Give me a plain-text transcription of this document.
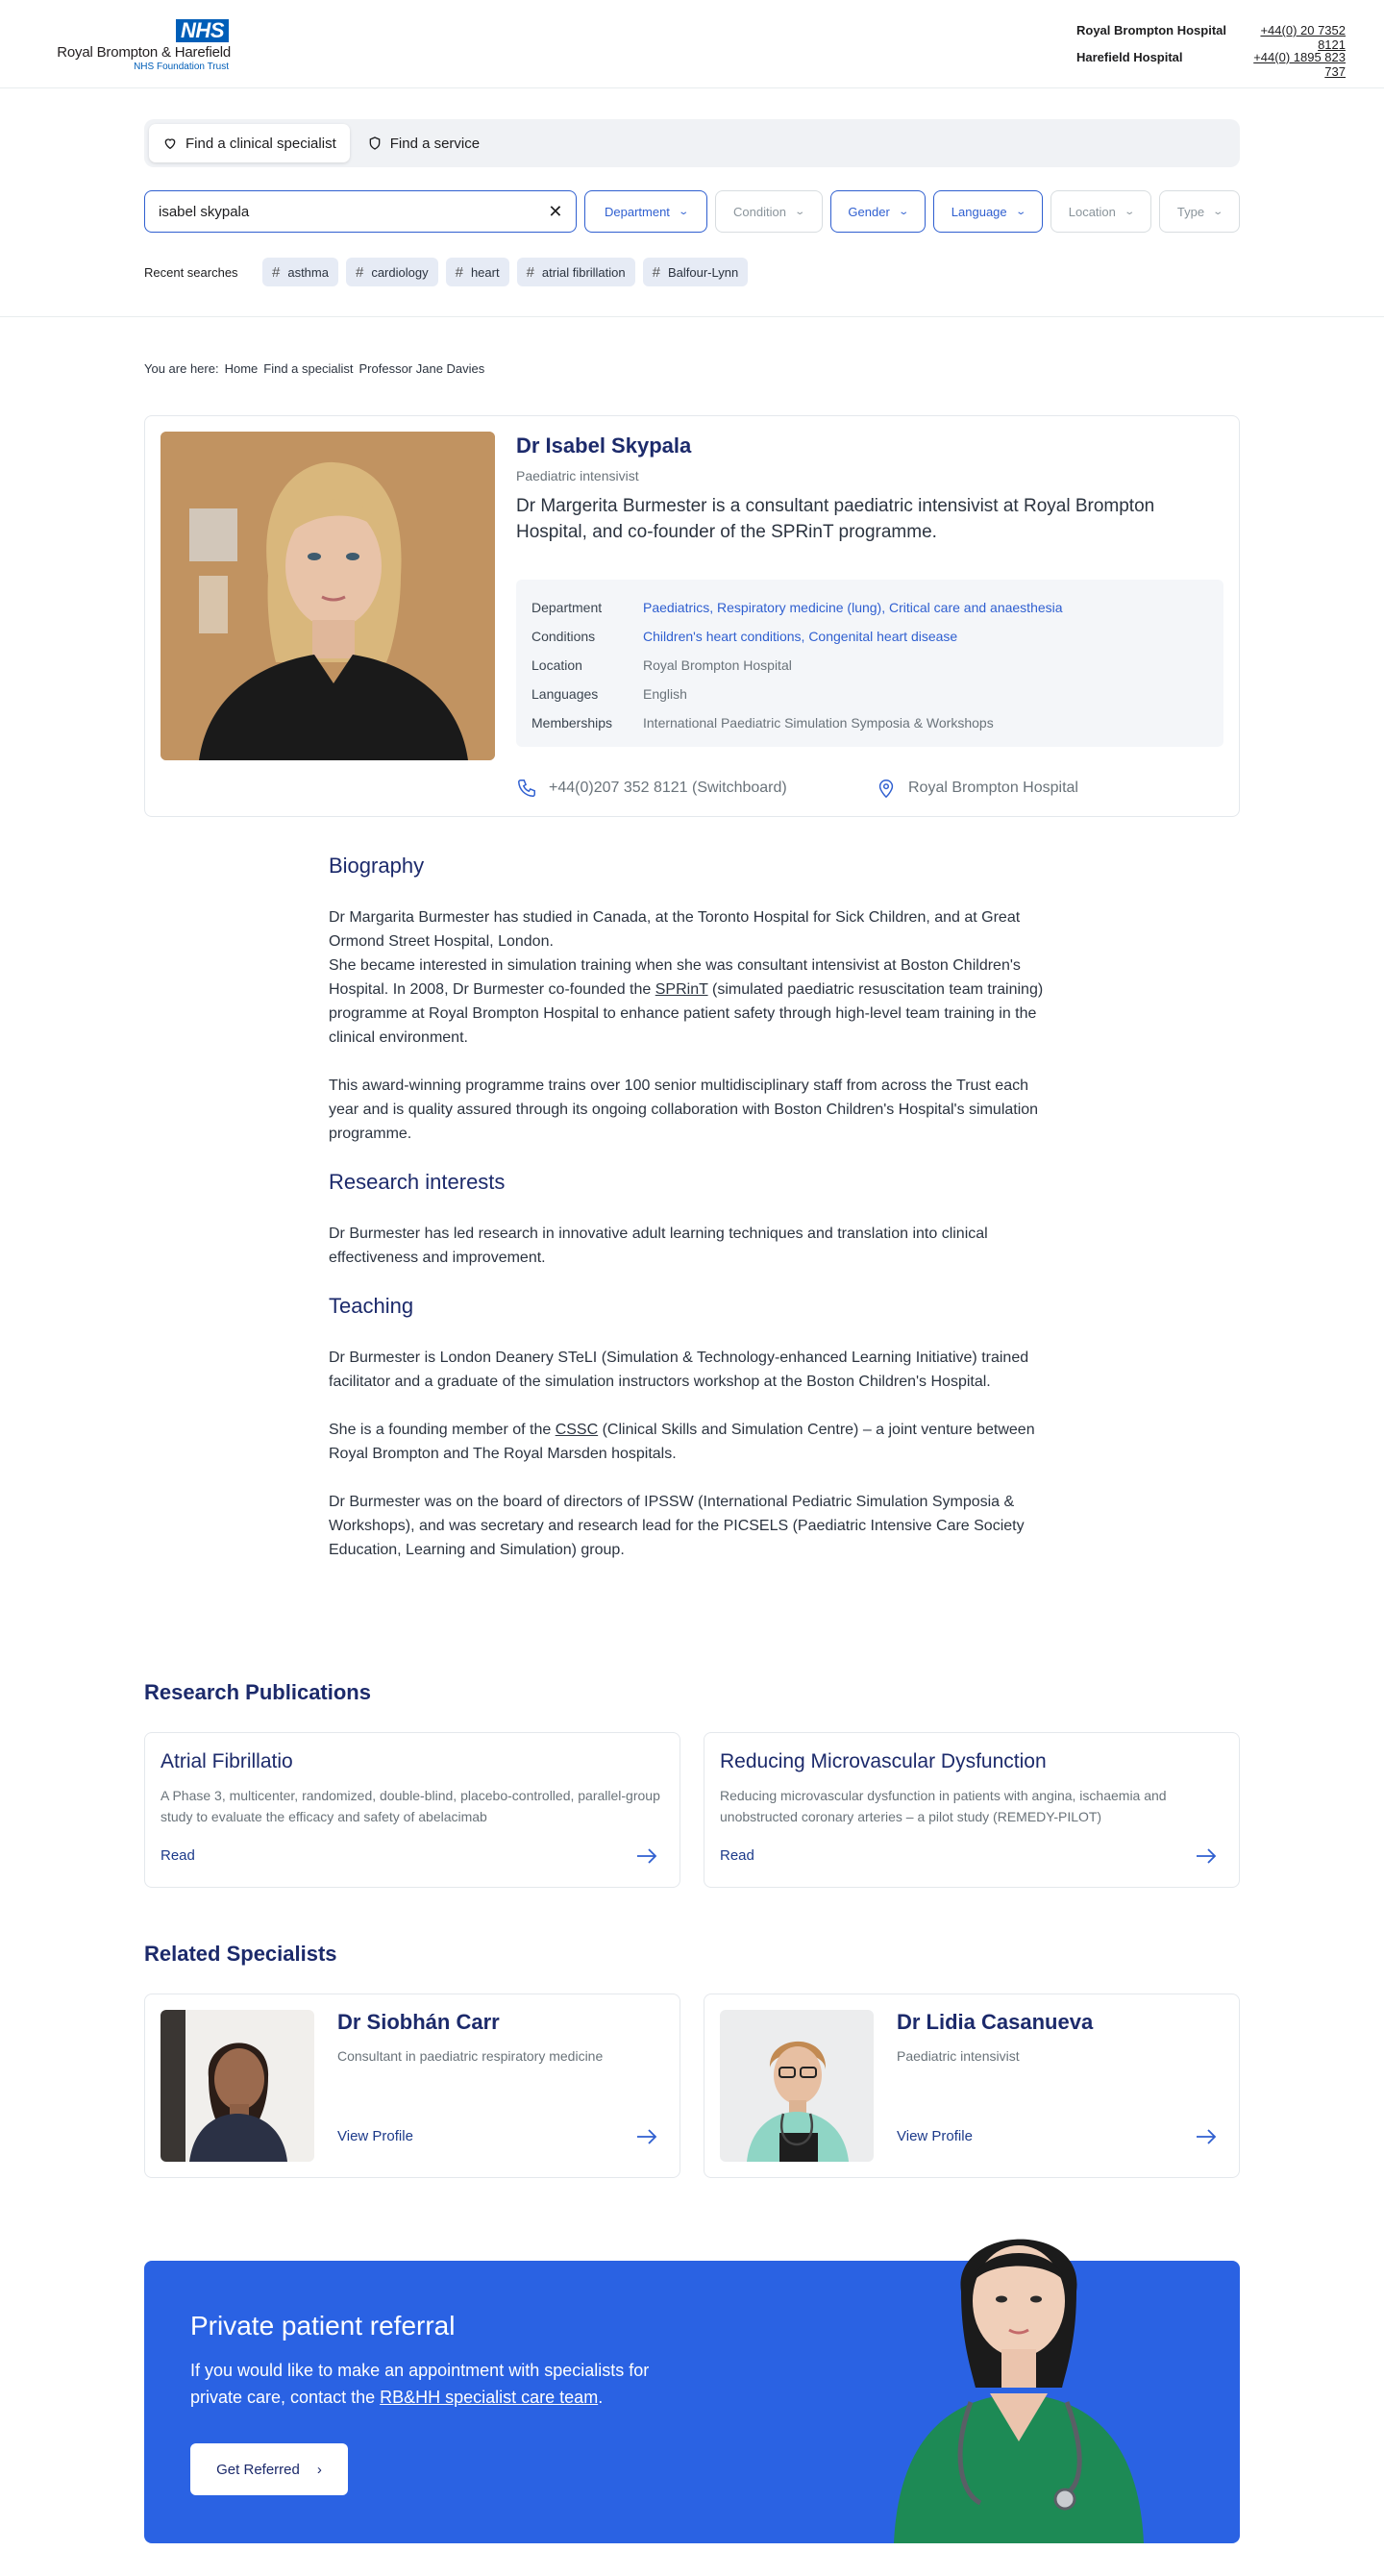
NHS
Royal Brompton & Harefield
NHS Foundation Trust
Royal Brompton Hospital	+44(0) 20 7352 8121
Harefield Hospital	+44(0) 1895 823 737
Find a clinical specialist	Find a service
isabel skypala
✕	Department ⌄	Condition ⌄	Gender ⌄	Language ⌄	Location ⌄	Type ⌄
Recent searches	# asthma # cardiology # heart # atrial fibrillation # Balfour-Lynn
You are here: Home Find a specialist Professor Jane Davies
Dr Isabel Skypala
Paediatric intensivist

Dr Margerita Burmester is a consultant paediatric intensivist at Royal Brompton Hospital, and co-founder of the SPRinT programme.

Department	Paediatrics, Respiratory medicine (lung), Critical care and anaesthesia
Conditions	Children's heart conditions, Congenital heart disease
Location	Royal Brompton Hospital
Languages	English
Memberships	International Paediatric Simulation Symposia & Workshops
+44(0)207 352 8121 (Switchboard)	Royal Brompton Hospital
Biography

Dr Margarita Burmester has studied in Canada, at the Toronto Hospital for Sick Children, and at Great Ormond Street Hospital, London.
She became interested in simulation training when she was consultant intensivist at Boston Children's Hospital. In 2008, Dr Burmester co-founded the SPRinT (simulated paediatric resuscitation team training) programme at Royal Brompton Hospital to enhance patient safety through high-level team training in the clinical environment.

This award-winning programme trains over 100 senior multidisciplinary staff from across the Trust each year and is quality assured through its ongoing collaboration with Boston Children's Hospital's simulation programme.

Research interests

Dr Burmester has led research in innovative adult learning techniques and translation into clinical effectiveness and improvement.

Teaching

Dr Burmester is London Deanery STeLI (Simulation & Technology-enhanced Learning Initiative) trained facilitator and a graduate of the simulation instructors workshop at the Boston Children's Hospital.

She is a founding member of the CSSC (Clinical Skills and Simulation Centre) – a joint venture between Royal Brompton and The Royal Marsden hospitals.

Dr Burmester was on the board of directors of IPSSW (International Pediatric Simulation Symposia & Workshops), and was secretary and research lead for the PICSELS (Paediatric Intensive Care Society Education, Learning and Simulation) group.

Research Publications
Atrial Fibrillatio

A Phase 3, multicenter, randomized, double-blind, placebo-controlled, parallel-group study to evaluate the efficacy and safety of abelacimab

Read
Reducing Microvascular Dysfunction

Reducing microvascular dysfunction in patients with angina, ischaemia and unobstructed coronary arteries – a pilot study (REMEDY-PILOT)

Read
Related Specialists
Dr Siobhán Carr
Consultant in paediatric respiratory medicine
View Profile
Dr Lidia Casanueva
Paediatric intensivist
View Profile
Private patient referral

If you would like to make an appointment with specialists for private care, contact the RB&HH specialist care team.

Get Referred ›
